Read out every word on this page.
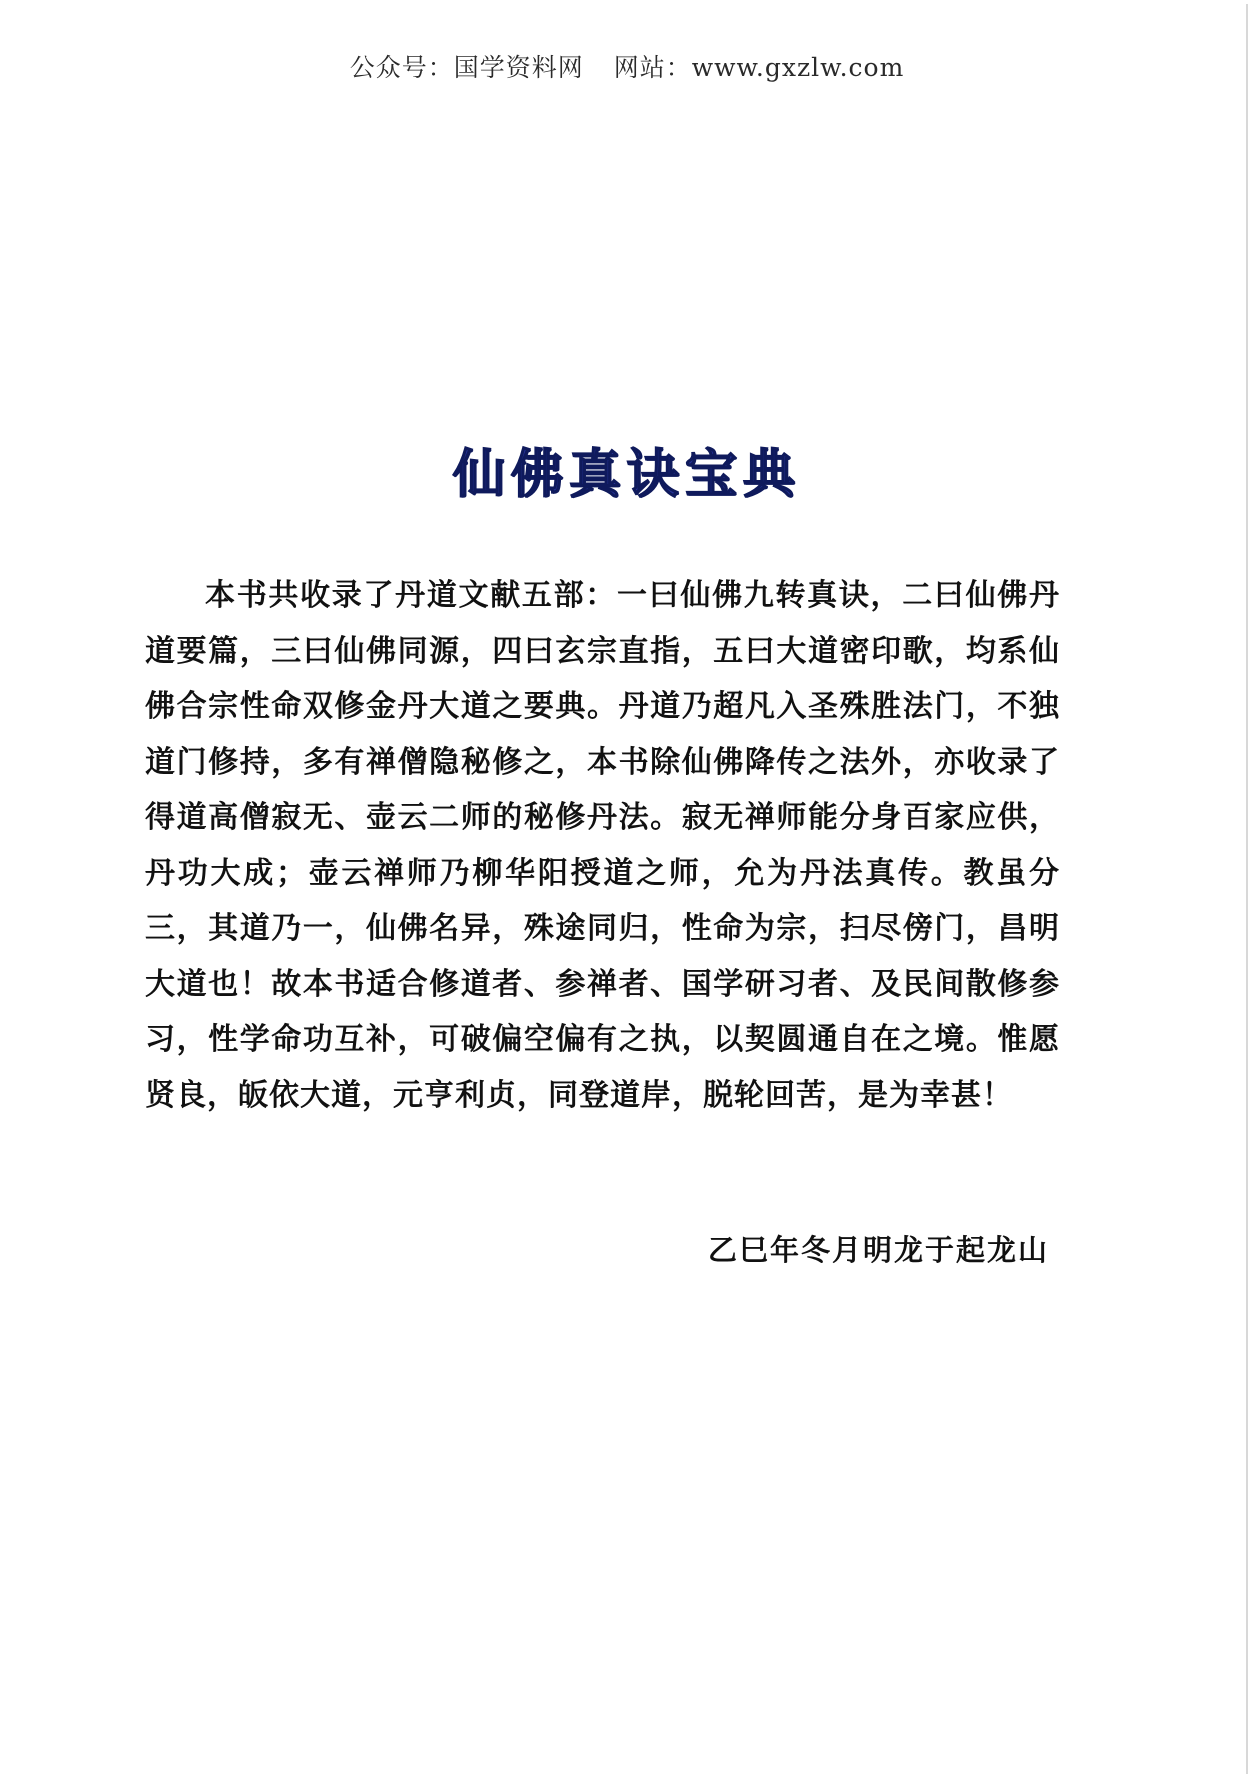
公众号：国学资料网 网站：www.gxzlw.com
仙佛真诀宝典
本书共收录了丹道文献五部：一曰仙佛九转真诀，二曰仙佛丹道要篇，三曰仙佛同源，四曰玄宗直指，五曰大道密印歌，均系仙佛合宗性命双修金丹大道之要典。丹道乃超凡入圣殊胜法门，不独道门修持，多有禅僧隐秘修之，本书除仙佛降传之法外，亦收录了得道高僧寂无、壶云二师的秘修丹法。寂无禅师能分身百家应供，丹功大成；壶云禅师乃柳华阳授道之师，允为丹法真传。教虽分三，其道乃一，仙佛名异，殊途同归，性命为宗，扫尽傍门，昌明大道也！故本书适合修道者、参禅者、国学研习者、及民间散修参习，性学命功互补，可破偏空偏有之执，以契圆通自在之境。惟愿贤良，皈依大道，元亨利贞，同登道岸，脱轮回苦，是为幸甚！
乙巳年冬月明龙于起龙山
